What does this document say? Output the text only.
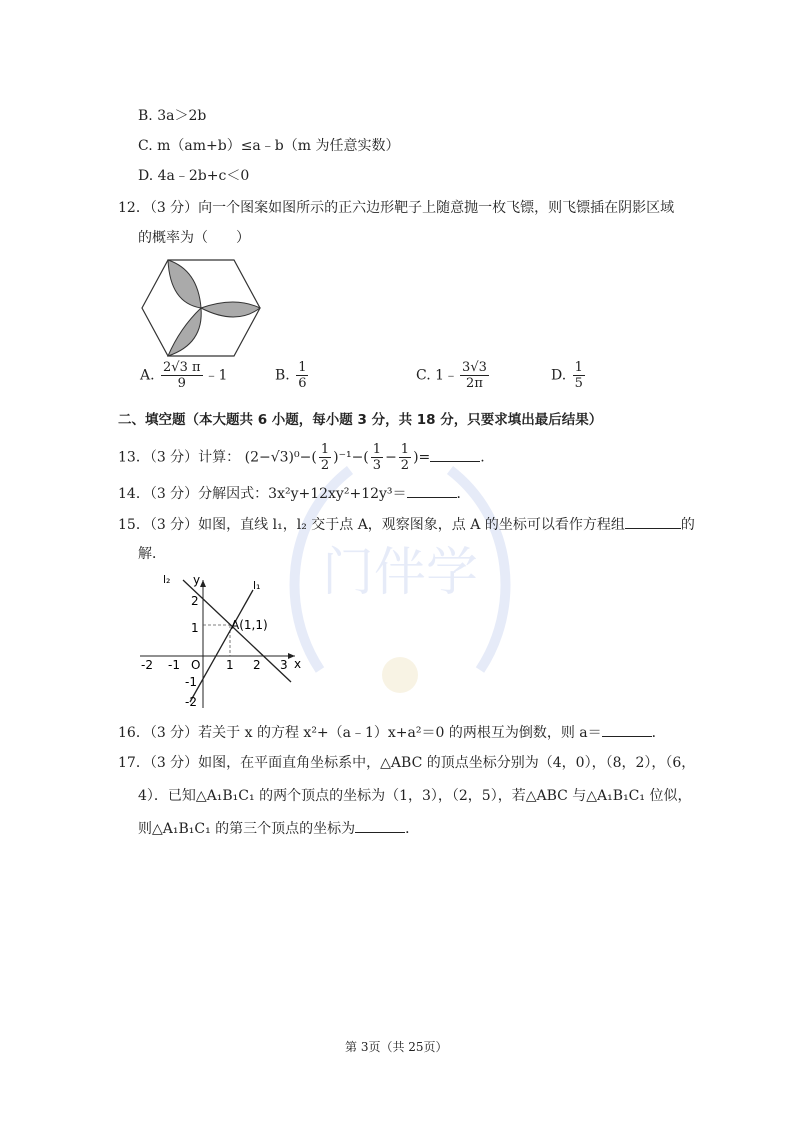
门伴学
B. 3a＞2b
C. m（am+b）≤a﹣b（m 为任意实数）
D. 4a﹣2b+c＜0
12．（3 分）向一个图案如图所示的正六边形靶子上随意抛一枚飞镖，则飞镖插在阴影区域
的概率为（　　）
A. $\frac{2√3 \pi}{9}$ ﹣1	B. $\frac{1}{6}$	C. 1﹣ $\frac{3√3}{2\pi}$	D. $\frac{1}{5}$
二、填空题（本大题共 6 小题，每小题 3 分，共 18 分，只要求填出最后结果）
13．（3 分）计算： $(2-√3)^0-( \frac{1}{2} )^{-1}-( \frac{1}{3} - \frac{1}{2}$ )=	.
14．（3 分）分解因式：3x²y+12xy²+12y³＝	．
15．（3 分）如图，直线 l₁，l₂ 交于点 A，观察图象，点 A 的坐标可以看作方程组	的
解．
l₂	l₁
y
x
A(1,1)
-2 -1 O 1 2 3
2
1
-1
-2
16．（3 分）若关于 x 的方程 x²+（a﹣1）x+a²＝0 的两根互为倒数，则 a＝	．
17．（3 分）如图，在平面直角坐标系中，△ABC 的顶点坐标分别为（4，0），（8，2），（6，
4）．已知△A₁B₁C₁ 的两个顶点的坐标为（1，3），（2，5），若△ABC 与△A₁B₁C₁ 位似，
则△A₁B₁C₁ 的第三个顶点的坐标为	．
第 3页（共 25页）
